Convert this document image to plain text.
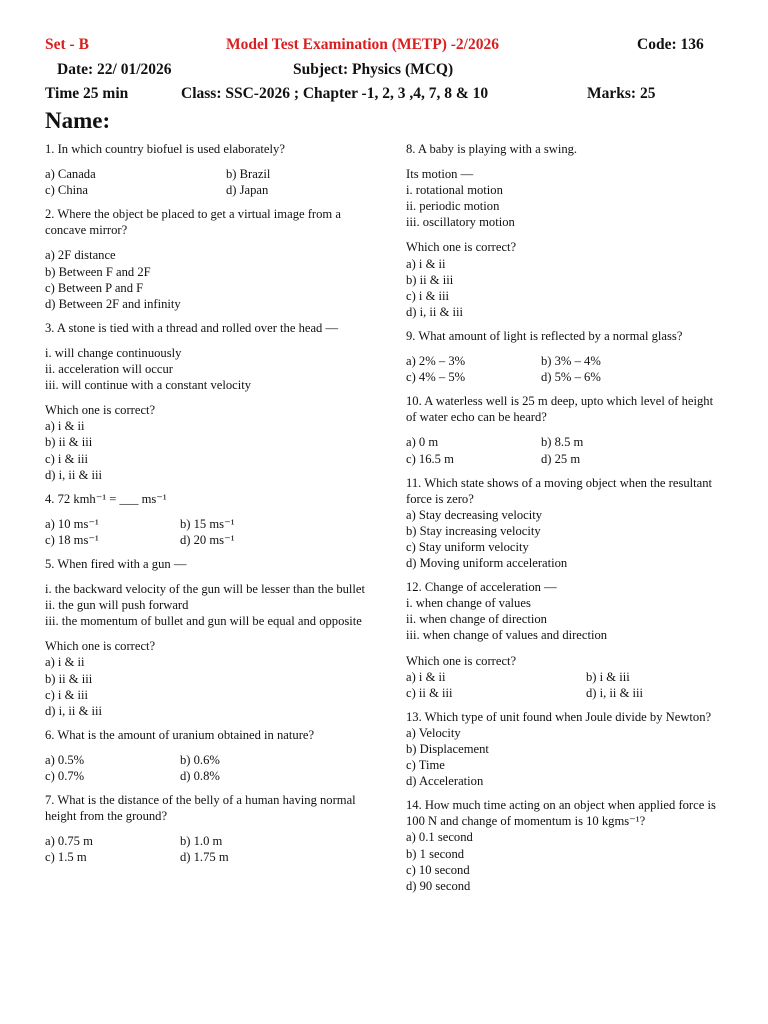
Set - B	Model Test Examination (METP) -2/2026	Code: 136
Date: 22/ 01/2026	Subject: Physics (MCQ)
Time 25 min	Class: SSC-2026 ; Chapter -1, 2, 3 ,4, 7, 8 & 10	Marks: 25
Name:

1. In which country biofuel is used elaborately?

a) Canada	b) Brazil
c) China	d) Japan

2. Where the object be placed to get a virtual image from a concave mirror?

a) 2F distance
b) Between F and 2F
c) Between P and F
d) Between 2F and infinity

3. A stone is tied with a thread and rolled over the head —

i. will change continuously
ii. acceleration will occur
iii. will continue with a constant velocity

Which one is correct?

a) i & ii
b) ii & iii
c) i & iii
d) i, ii & iii

4. 72 kmh⁻¹ = ___ ms⁻¹

a) 10 ms⁻¹	b) 15 ms⁻¹
c) 18 ms⁻¹	d) 20 ms⁻¹

5. When fired with a gun —

i. the backward velocity of the gun will be lesser than the bullet
ii. the gun will push forward
iii. the momentum of bullet and gun will be equal and opposite

Which one is correct?

a) i & ii
b) ii & iii
c) i & iii
d) i, ii & iii

6. What is the amount of uranium obtained in nature?

a) 0.5%	b) 0.6%
c) 0.7%	d) 0.8%

7. What is the distance of the belly of a human having normal height from the ground?

a) 0.75 m	b) 1.0 m
c) 1.5 m	d) 1.75 m

8. A baby is playing with a swing.

Its motion —

i. rotational motion
ii. periodic motion
iii. oscillatory motion

Which one is correct?

a) i & ii
b) ii & iii
c) i & iii
d) i, ii & iii

9. What amount of light is reflected by a normal glass?

a) 2% – 3%	b) 3% – 4%
c) 4% – 5%	d) 5% – 6%

10. A waterless well is 25 m deep, upto which level of height of water echo can be heard?

a) 0 m	b) 8.5 m
c) 16.5 m	d) 25 m

11. Which state shows of a moving object when the resultant force is zero?

a) Stay decreasing velocity
b) Stay increasing velocity
c) Stay uniform velocity
d) Moving uniform acceleration

12. Change of acceleration —

i. when change of values
ii. when change of direction
iii. when change of values and direction

Which one is correct?

a) i & ii	b) i & iii
c) ii & iii	d) i, ii & iii

13. Which type of unit found when Joule divide by Newton?

a) Velocity
b) Displacement
c) Time
d) Acceleration

14. How much time acting on an object when applied force is 100 N and change of momentum is 10 kgms⁻¹?

a) 0.1 second
b) 1 second
c) 10 second
d) 90 second
